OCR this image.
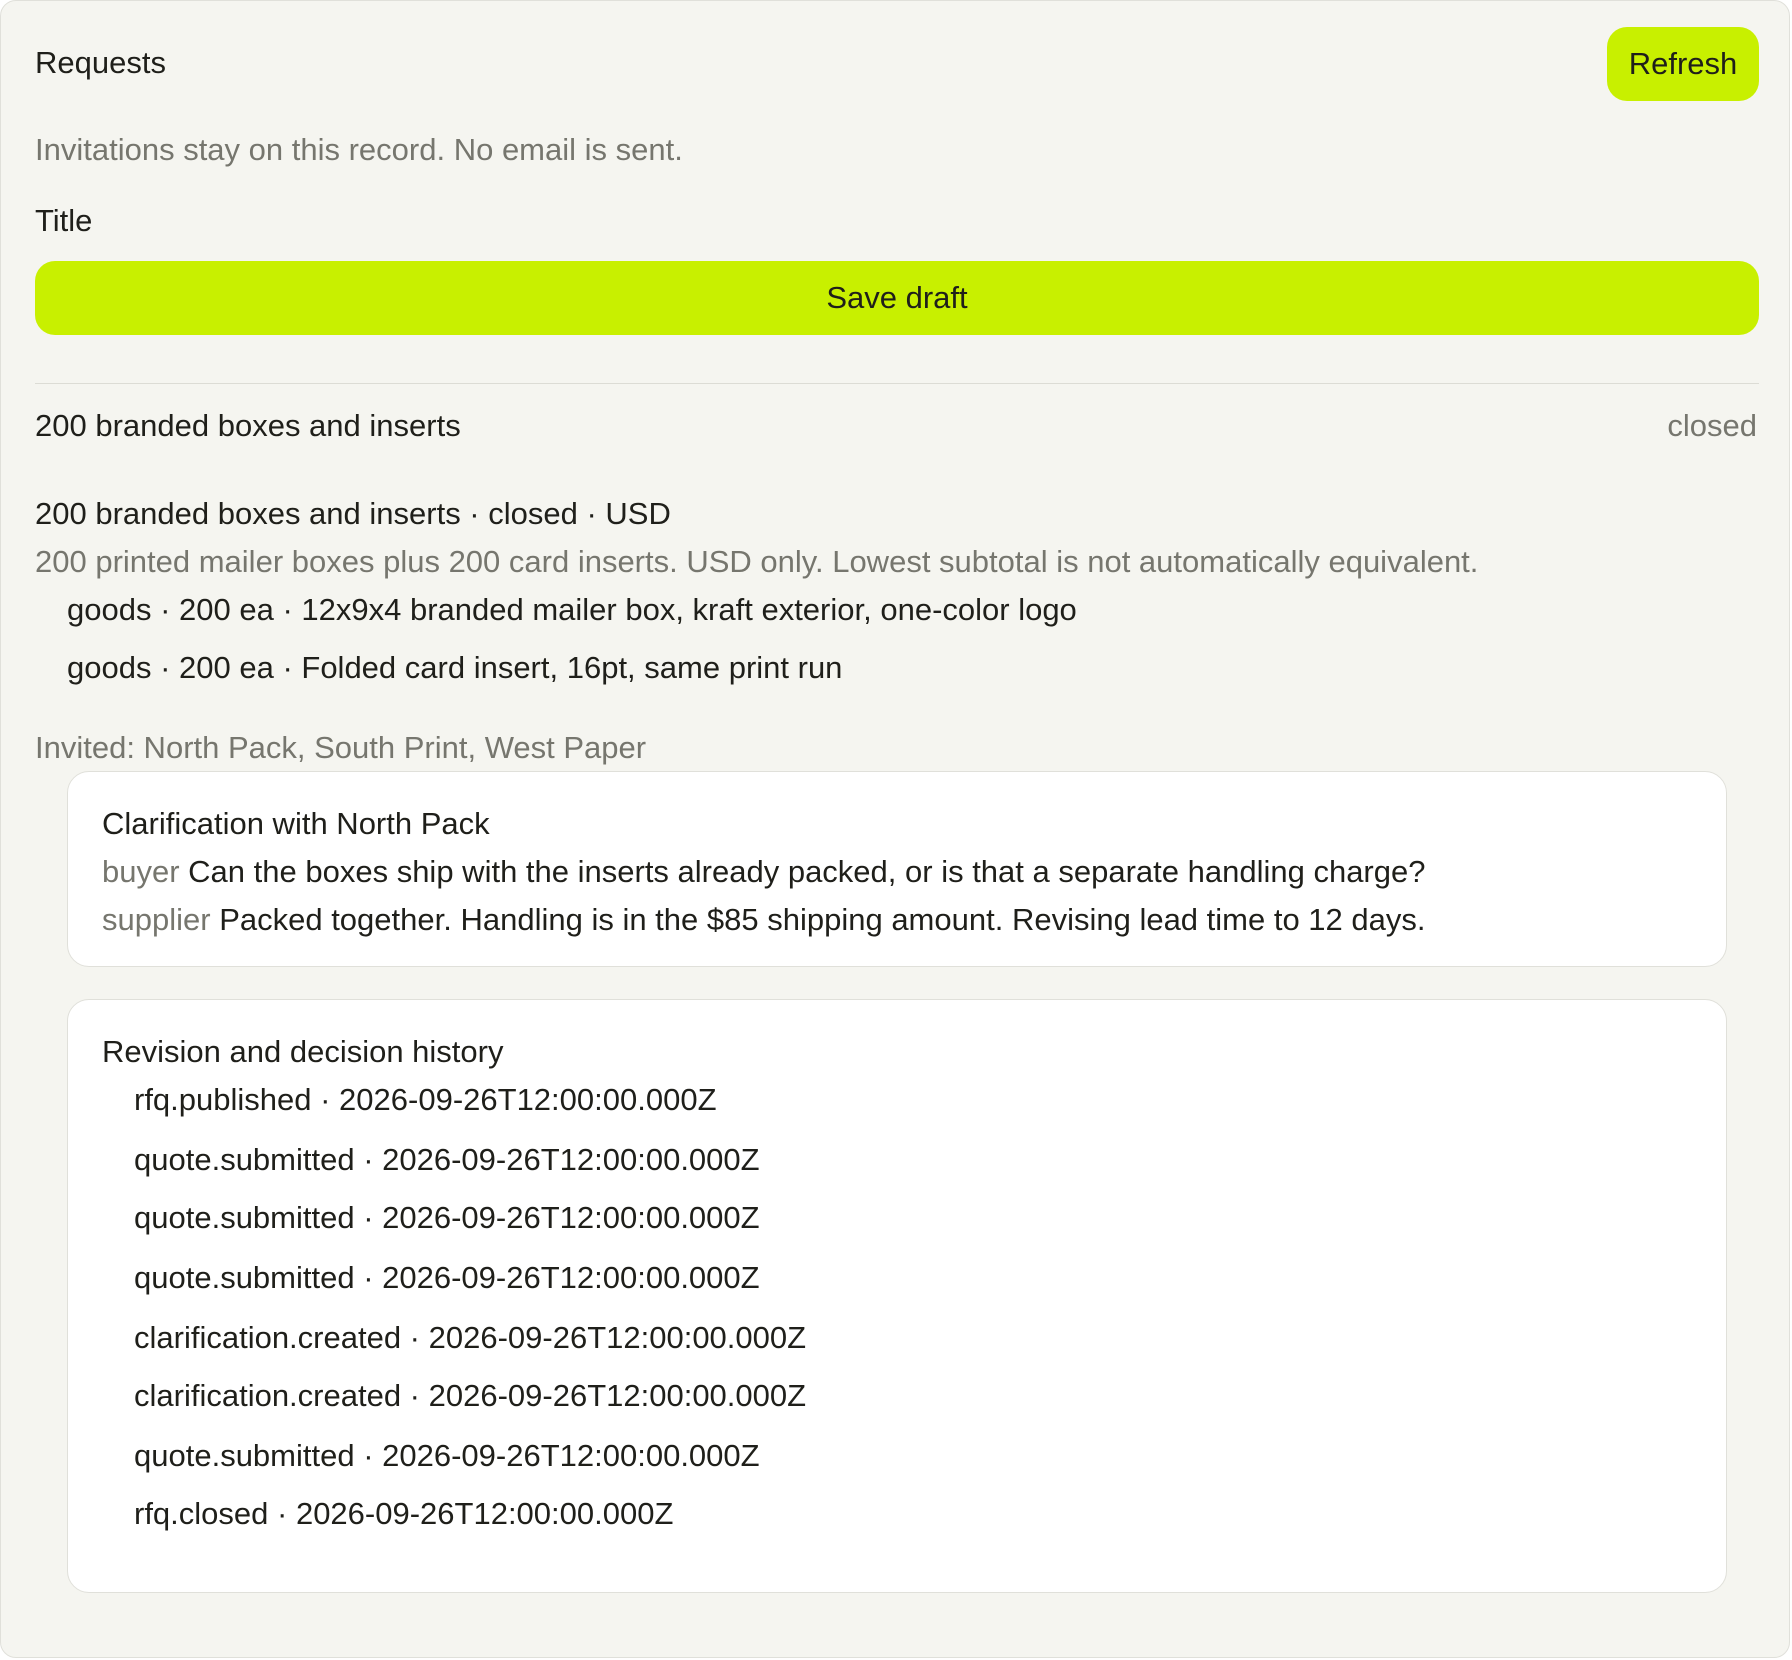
Requests	Refresh
Invitations stay on this record. No email is sent.
Title
Save draft
200 branded boxes and inserts	closed
200 branded boxes and inserts · closed · USD
200 printed mailer boxes plus 200 card inserts. USD only. Lowest subtotal is not automatically equivalent.
goods · 200 ea · 12x9x4 branded mailer box, kraft exterior, one-color logo
goods · 200 ea · Folded card insert, 16pt, same print run
Invited: North Pack, South Print, West Paper
Clarification with North Pack
buyer Can the boxes ship with the inserts already packed, or is that a separate handling charge?
supplier Packed together. Handling is in the $85 shipping amount. Revising lead time to 12 days.
Revision and decision history
rfq.published · 2026-09-26T12:00:00.000Z
quote.submitted · 2026-09-26T12:00:00.000Z
quote.submitted · 2026-09-26T12:00:00.000Z
quote.submitted · 2026-09-26T12:00:00.000Z
clarification.created · 2026-09-26T12:00:00.000Z
clarification.created · 2026-09-26T12:00:00.000Z
quote.submitted · 2026-09-26T12:00:00.000Z
rfq.closed · 2026-09-26T12:00:00.000Z
